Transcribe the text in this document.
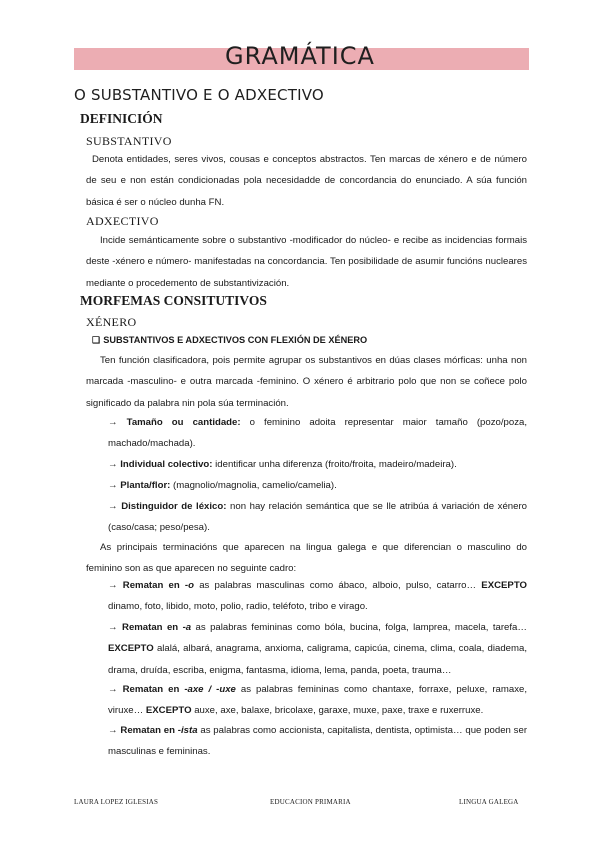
GRAMÁTICA
O SUBSTANTIVO E O ADXECTIVO
DEFINICIÓN
SUBSTANTIVO
Denota entidades, seres vivos, cousas e conceptos abstractos. Ten marcas de xénero e de número de seu e non están condicionadas pola necesidadde de concordancia do enunciado. A súa función básica é ser o núcleo dunha FN.
ADXECTIVO
Incide semánticamente sobre o substantivo -modificador do núcleo- e recibe as incidencias formais deste -xénero e número- manifestadas na concordancia. Ten posibilidade de asumir funcións nucleares mediante o procedemento de substantivización.
MORFEMAS CONSITUTIVOS
XÉNERO
❑ SUBSTANTIVOS E ADXECTIVOS CON FLEXIÓN DE XÉNERO
Ten función clasificadora, pois permite agrupar os substantivos en dúas clases mórficas: unha non marcada -masculino- e outra marcada -feminino. O xénero é arbitrario polo que non se coñece polo significado da palabra nin pola súa terminación.
→ Tamaño ou cantidade: o feminino adoita representar maior tamaño (pozo/poza, machado/machada).
→ Individual colectivo: identificar unha diferenza (froito/froita, madeiro/madeira).
→ Planta/flor: (magnolio/magnolia, camelio/camelia).
→ Distinguidor de léxico: non hay relación semántica que se lle atribúa á variación de xénero (caso/casa; peso/pesa).
As principais terminacións que aparecen na lingua galega e que diferencian o masculino do feminino son as que aparecen no seguinte cadro:
→ Rematan en -o as palabras masculinas como ábaco, alboio, pulso, catarro… EXCEPTO dinamo, foto, libido, moto, polio, radio, teléfoto, tribo e virago.
→ Rematan en -a as palabras femininas como bóla, bucina, folga, lamprea, macela, tarefa… EXCEPTO alalá, albará, anagrama, anxioma, caligrama, capicúa, cinema, clima, coala, diadema, drama, druída, escriba, enigma, fantasma, idioma, lema, panda, poeta, trauma…
→ Rematan en -axe / -uxe as palabras femininas como chantaxe, forraxe, peluxe, ramaxe, viruxe… EXCEPTO auxe, axe, balaxe, bricolaxe, garaxe, muxe, paxe, traxe e ruxerruxe.
→ Rematan en -ista as palabras como accionista, capitalista, dentista, optimista… que poden ser masculinas e femininas.
LAURA LOPEZ IGLESIAS	EDUCACION PRIMARIA	LINGUA GALEGA
